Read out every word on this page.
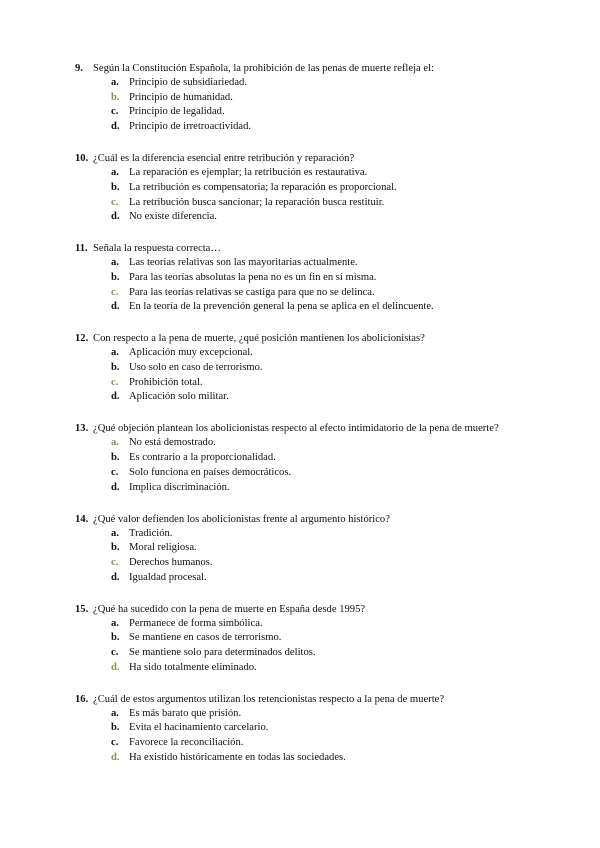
9. Según la Constitución Española, la prohibición de las penas de muerte refleja el:
a. Principio de subsidiariedad.
b. Principio de humanidad.
c. Principio de legalidad.
d. Principio de irretroactividad.
10. ¿Cuál es la diferencia esencial entre retribución y reparación?
a. La reparación es ejemplar; la retribución es restaurativa.
b. La retribución es compensatoria; la reparación es proporcional.
c. La retribución busca sancionar; la reparación busca restituir.
d. No existe diferencia.
11. Señala la respuesta correcta…
a. Las teorías relativas son las mayoritarias actualmente.
b. Para las teorías absolutas la pena no es un fin en sí misma.
c. Para las teorías relativas se castiga para que no se delinca.
d. En la teoría de la prevención general la pena se aplica en el delincuente.
12. Con respecto a la pena de muerte, ¿qué posición mantienen los abolicionistas?
a. Aplicación muy excepcional.
b. Uso solo en caso de terrorismo.
c. Prohibición total.
d. Aplicación solo militar.
13. ¿Qué objeción plantean los abolicionistas respecto al efecto intimidatorio de la pena de muerte?
a. No está demostrado.
b. Es contrario a la proporcionalidad.
c. Solo funciona en países democráticos.
d. Implica discriminación.
14. ¿Qué valor defienden los abolicionistas frente al argumento histórico?
a. Tradición.
b. Moral religiosa.
c. Derechos humanos.
d. Igualdad procesal.
15. ¿Qué ha sucedido con la pena de muerte en España desde 1995?
a. Permanece de forma simbólica.
b. Se mantiene en casos de terrorismo.
c. Se mantiene solo para determinados delitos.
d. Ha sido totalmente eliminado.
16. ¿Cuál de estos argumentos utilizan los retencionistas respecto a la pena de muerte?
a. Es más barato que prisión.
b. Evita el hacinamiento carcelario.
c. Favorece la reconciliación.
d. Ha existido históricamente en todas las sociedades.
